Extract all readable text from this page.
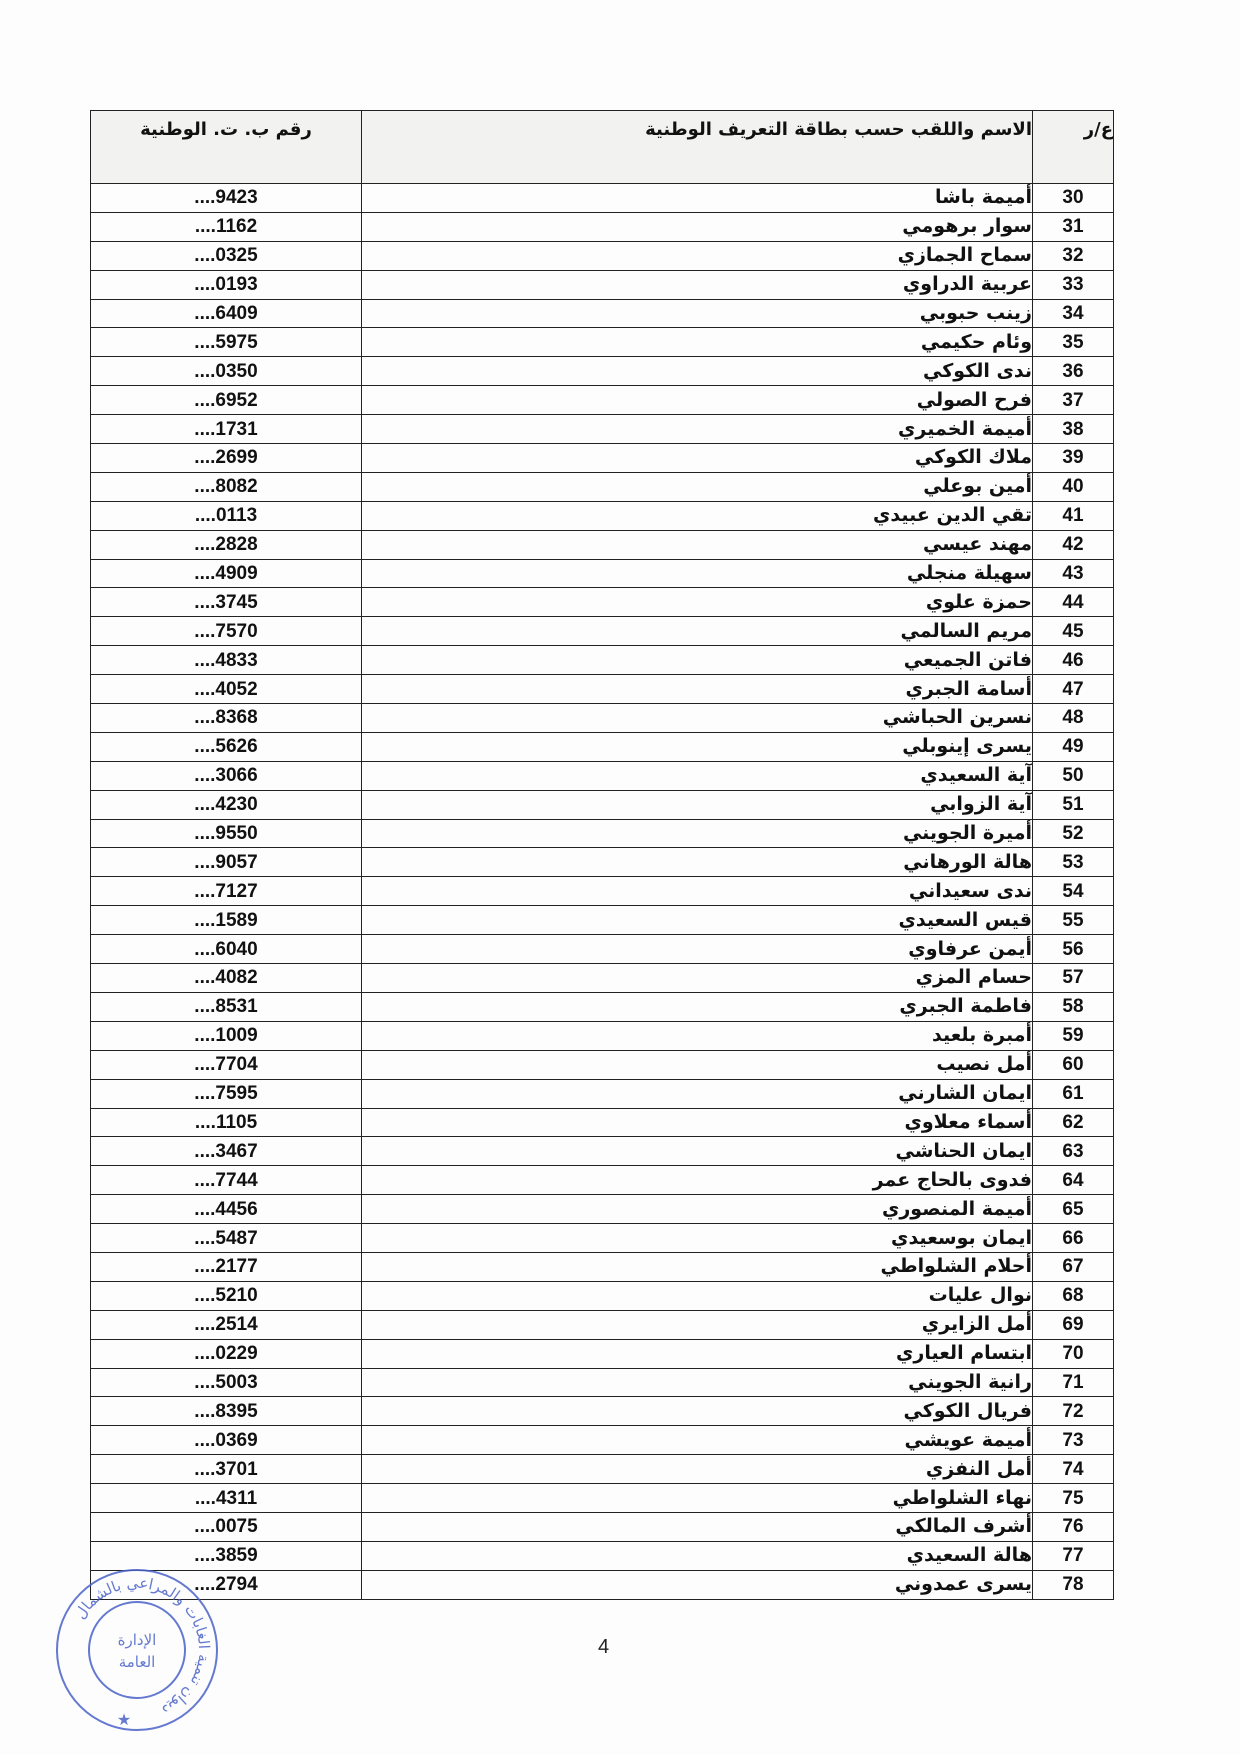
ع/ر	الاسم واللقب حسب بطاقة التعريف الوطنية	رقم ب. ت. الوطنية
30	أميمة باشا	....9423
31	سوار برهومي	....1162
32	سماح الجمازي	....0325
33	عربية الدراوي	....0193
34	زينب حبوبي	....6409
35	وئام حكيمي	....5975
36	ندى الكوكي	....0350
37	فرح الصولي	....6952
38	أميمة الخميري	....1731
39	ملاك الكوكي	....2699
40	أمين بوعلي	....8082
41	تقي الدين عبيدي	....0113
42	مهند عيسي	....2828
43	سهيلة منجلي	....4909
44	حمزة علوي	....3745
45	مريم السالمي	....7570
46	فاتن الجميعي	....4833
47	أسامة الجبري	....4052
48	نسرين الحباشي	....8368
49	يسرى إينوبلي	....5626
50	آية السعيدي	....3066
51	آية الزوابي	....4230
52	أميرة الجويني	....9550
53	هالة الورهاني	....9057
54	ندى سعيداني	....7127
55	قيس السعيدي	....1589
56	أيمن عرفاوي	....6040
57	حسام المزي	....4082
58	فاطمة الجبري	....8531
59	أمبرة بلعيد	....1009
60	أمل نصيب	....7704
61	ايمان الشارني	....7595
62	أسماء معلاوي	....1105
63	ايمان الحناشي	....3467
64	فدوى بالحاج عمر	....7744
65	أميمة المنصوري	....4456
66	ايمان بوسعيدي	....5487
67	أحلام الشلواطي	....2177
68	نوال عليات	....5210
69	أمل الزايري	....2514
70	ابتسام العياري	....0229
71	رانية الجويني	....5003
72	فريال الكوكي	....8395
73	أميمة عويشي	....0369
74	أمل النفزي	....3701
75	نهاء الشلواطي	....4311
76	أشرف المالكي	....0075
77	هالة السعيدي	....3859
78	يسرى عمدوني	....2794
4
ديوان تنمية الغابات والمراعي بالشمال
الإدارة
العامة
★
